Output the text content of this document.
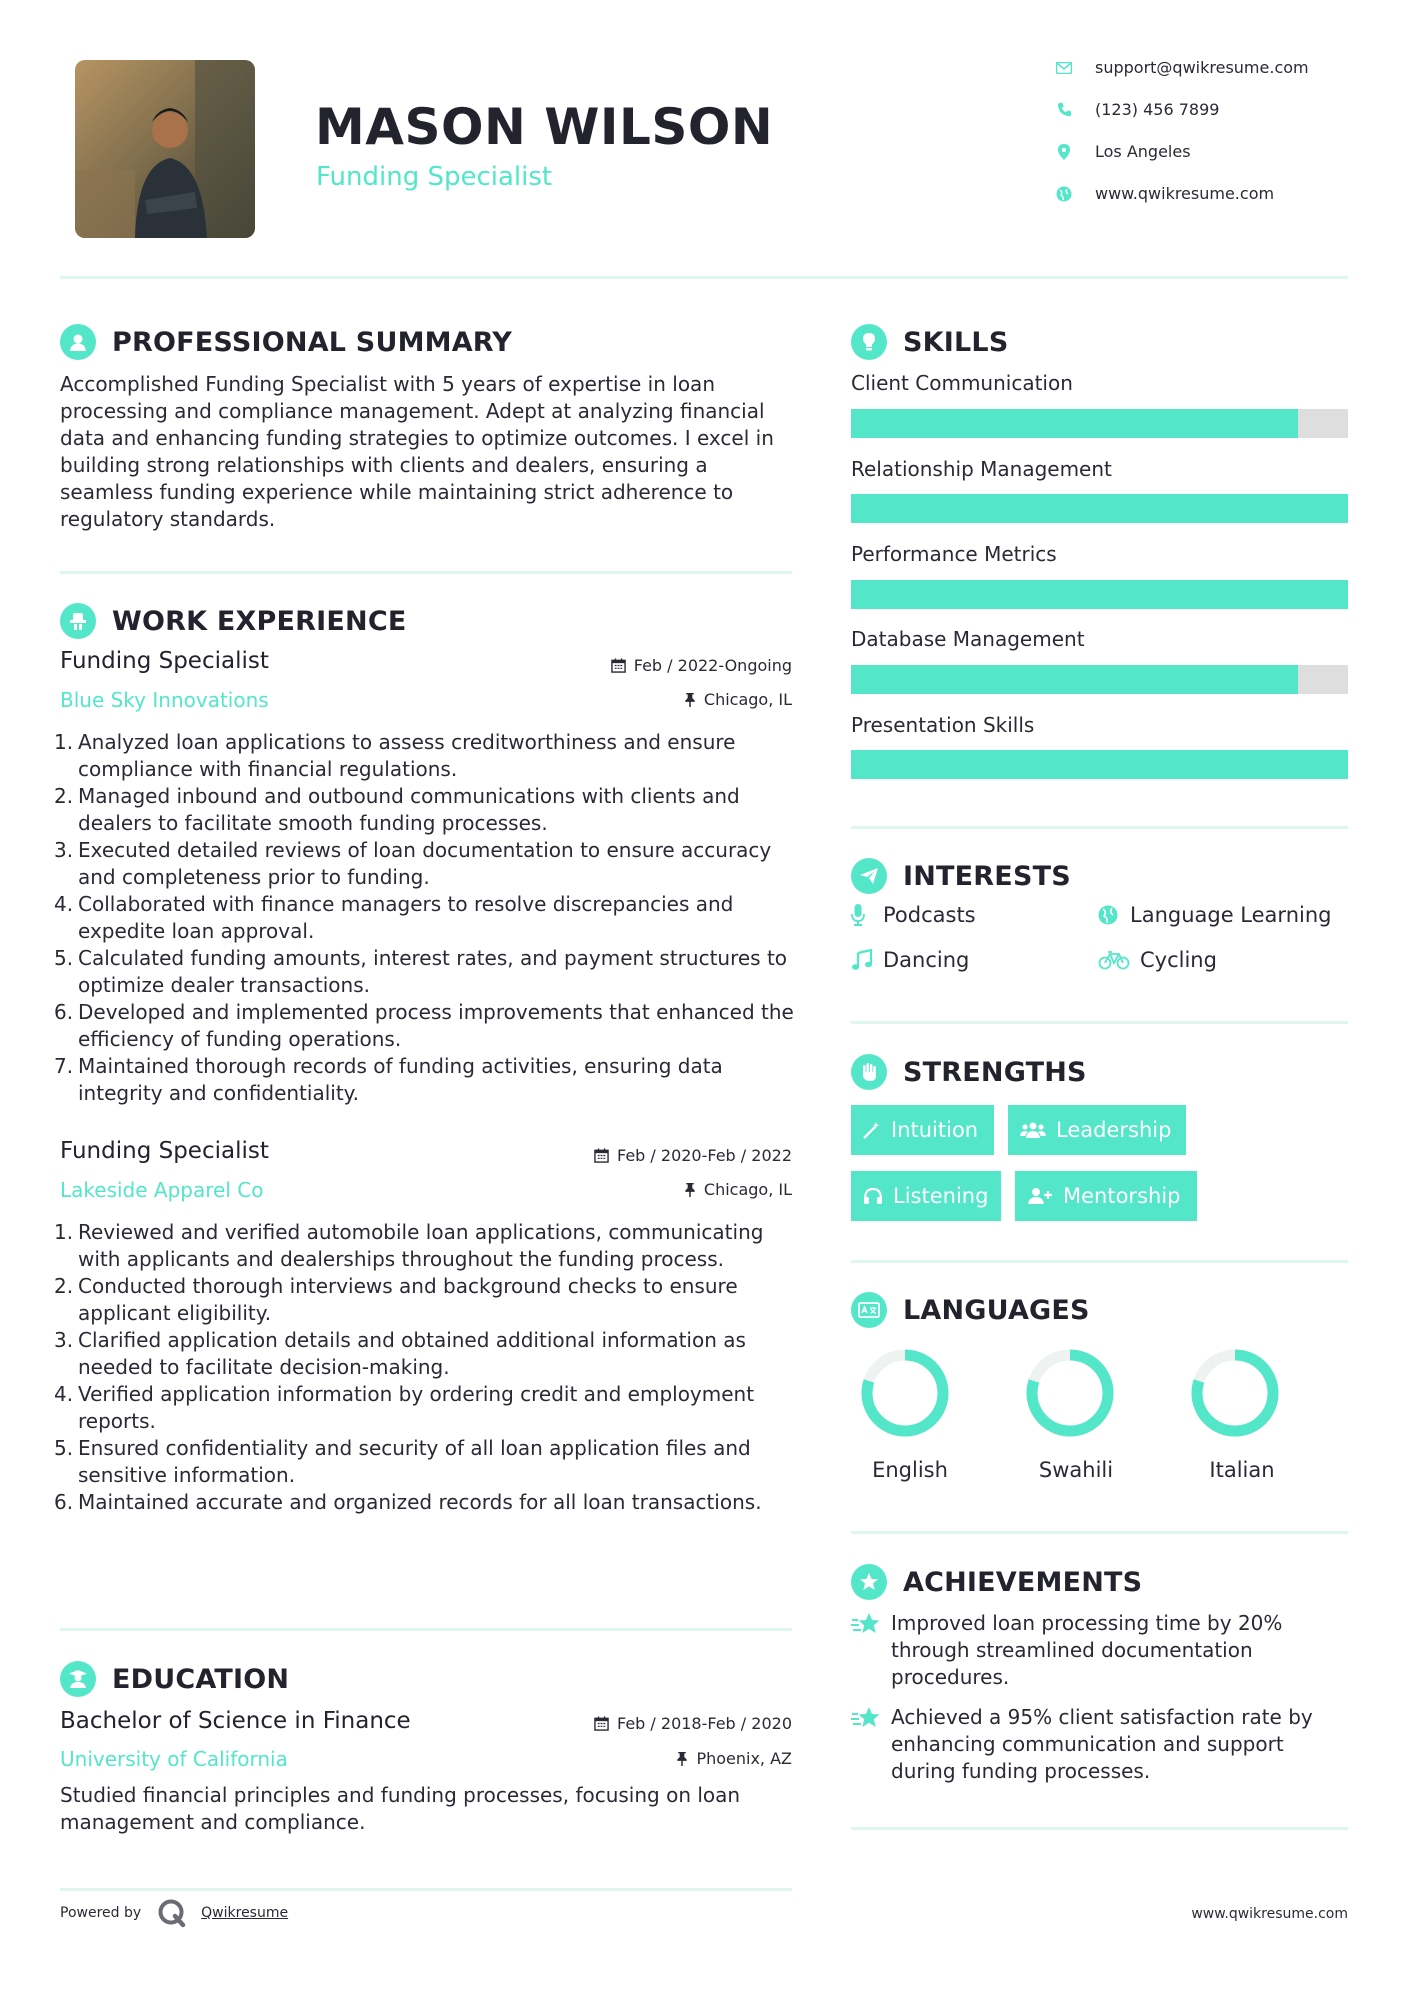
MASON WILSON
Funding Specialist
support@qwikresume.com
(123) 456 7899
Los Angeles
www.qwikresume.com
PROFESSIONAL SUMMARY
Accomplished Funding Specialist with 5 years of expertise in loan processing and compliance management. Adept at analyzing financial data and enhancing funding strategies to optimize outcomes. I excel in building strong relationships with clients and dealers, ensuring a seamless funding experience while maintaining strict adherence to regulatory standards.
WORK EXPERIENCE
Funding Specialist	Feb / 2022-Ongoing
Blue Sky Innovations	Chicago, IL
Analyzed loan applications to assess creditworthiness and ensure compliance with financial regulations.
Managed inbound and outbound communications with clients and dealers to facilitate smooth funding processes.
Executed detailed reviews of loan documentation to ensure accuracy and completeness prior to funding.
Collaborated with finance managers to resolve discrepancies and expedite loan approval.
Calculated funding amounts, interest rates, and payment structures to optimize dealer transactions.
Developed and implemented process improvements that enhanced the efficiency of funding operations.
Maintained thorough records of funding activities, ensuring data integrity and confidentiality.
Funding Specialist	Feb / 2020-Feb / 2022
Lakeside Apparel Co	Chicago, IL
Reviewed and verified automobile loan applications, communicating with applicants and dealerships throughout the funding process.
Conducted thorough interviews and background checks to ensure applicant eligibility.
Clarified application details and obtained additional information as needed to facilitate decision-making.
Verified application information by ordering credit and employment reports.
Ensured confidentiality and security of all loan application files and sensitive information.
Maintained accurate and organized records for all loan transactions.
EDUCATION
Bachelor of Science in Finance	Feb / 2018-Feb / 2020
University of California	Phoenix, AZ
Studied financial principles and funding processes, focusing on loan management and compliance.
SKILLS
Client Communication
Relationship Management
Performance Metrics
Database Management
Presentation Skills
INTERESTS
Podcasts	Language Learning
Dancing	Cycling
STRENGTHS
Intuition	Leadership
Listening	Mentorship
LANGUAGES
English	Swahili	Italian
ACHIEVEMENTS
Improved loan processing time by 20% through streamlined documentation procedures.
Achieved a 95% client satisfaction rate by enhancing communication and support during funding processes.
Powered by	Qwikresume	www.qwikresume.com
